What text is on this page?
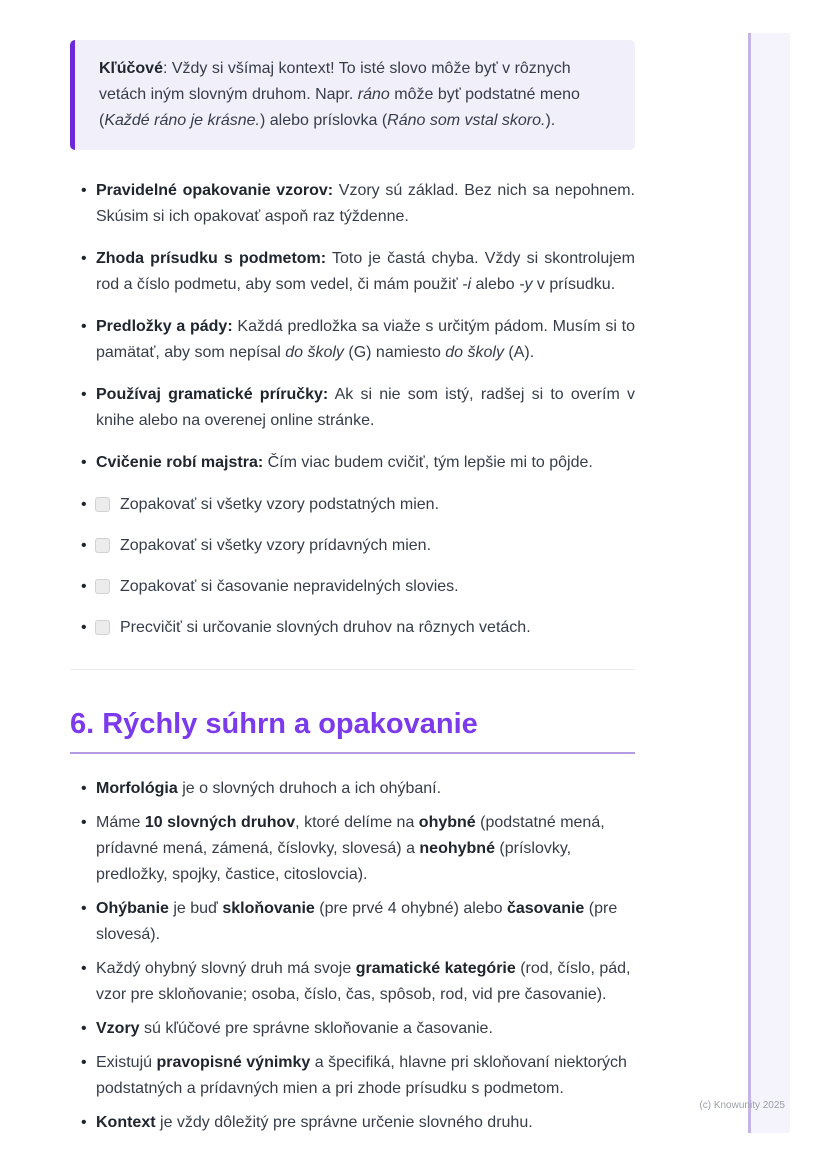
Kľúčové: Vždy si všímaj kontext! To isté slovo môže byť v rôznych vetách iným slovným druhom. Napr. ráno môže byť podstatné meno (Každé ráno je krásne.) alebo príslovka (Ráno som vstal skoro.).

• Pravidelné opakovanie vzorov: Vzory sú základ. Bez nich sa nepohnem. Skúsim si ich opakovať aspoň raz týždenne.
• Zhoda prísudku s podmetom: Toto je častá chyba. Vždy si skontrolujem rod a číslo podmetu, aby som vedel, či mám použiť -i alebo -y v prísudku.
• Predložky a pády: Každá predložka sa viaže s určitým pádom. Musím si to pamätať, aby som nepísal do školy (G) namiesto do školy (A).
• Používaj gramatické príručky: Ak si nie som istý, radšej si to overím v knihe alebo na overenej online stránke.
• Cvičenie robí majstra: Čím viac budem cvičiť, tým lepšie mi to pôjde.
• Zopakovať si všetky vzory podstatných mien.
• Zopakovať si všetky vzory prídavných mien.
• Zopakovať si časovanie nepravidelných slovies.
• Precvičiť si určovanie slovných druhov na rôznych vetách.
6. Rýchly súhrn a opakovanie
• Morfológia je o slovných druhoch a ich ohýbaní.
• Máme 10 slovných druhov, ktoré delíme na ohybné (podstatné mená, prídavné mená, zámená, číslovky, slovesá) a neohybné (príslovky, predložky, spojky, častice, citoslovcia).
• Ohýbanie je buď skloňovanie (pre prvé 4 ohybné) alebo časovanie (pre slovesá).
• Každý ohybný slovný druh má svoje gramatické kategórie (rod, číslo, pád, vzor pre skloňovanie; osoba, číslo, čas, spôsob, rod, vid pre časovanie).
• Vzory sú kľúčové pre správne skloňovanie a časovanie.
• Existujú pravopisné výnimky a špecifiká, hlavne pri skloňovaní niektorých podstatných a prídavných mien a pri zhode prísudku s podmetom.
• Kontext je vždy dôležitý pre správne určenie slovného druhu.
(c) Knowunity 2025
